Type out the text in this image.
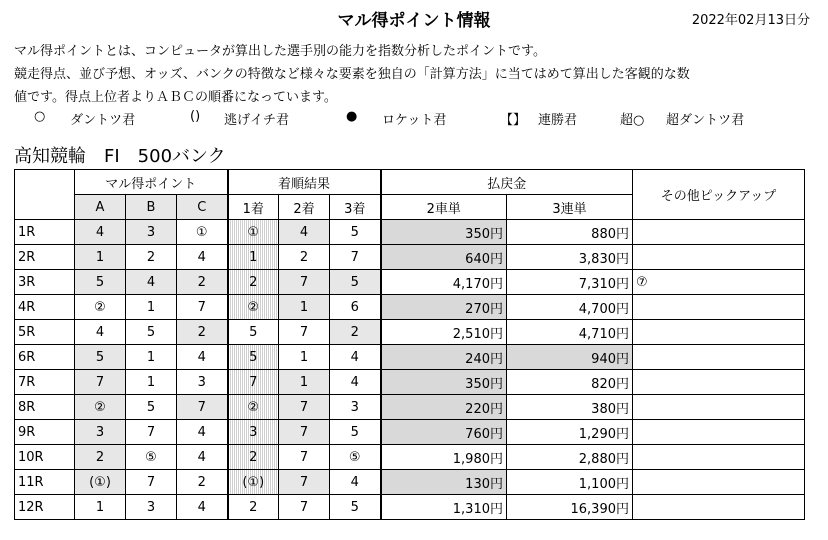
マル得ポイント情報	2022年02月13日分
マル得ポイントとは、コンピュータが算出した選手別の能力を指数分析したポイントです。
競走得点、並び予想、オッズ、バンクの特徴など様々な要素を独自の「計算方法」に当てはめて算出した客観的な数
値です。得点上位者よりＡＢＣの順番になっています。
○ ダントツ君	() 逃げイチ君	● ロケット君	【】 連勝君	超○ 超ダントツ君
高知競輪　FI　500バンク
	マル得ポイント			着順結果			払戻金		その他ピックアップ
	A	B	C	1着	2着	3着	2車単	3連単	
1R	4	3	①	①	4	5	350円	880円	
2R	1	2	4	1	2	7	640円	3,830円	
3R	5	4	2	2	7	5	4,170円	7,310円	⑦
4R	②	1	7	②	1	6	270円	4,700円	
5R	4	5	2	5	7	2	2,510円	4,710円	
6R	5	1	4	5	1	4	240円	940円	
7R	7	1	3	7	1	4	350円	820円	
8R	②	5	7	②	7	3	220円	380円	
9R	3	7	4	3	7	5	760円	1,290円	
10R	2	⑤	4	2	7	⑤	1,980円	2,880円	
11R	(①)	7	2	(①)	7	4	130円	1,100円	
12R	1	3	4	2	7	5	1,310円	16,390円	
